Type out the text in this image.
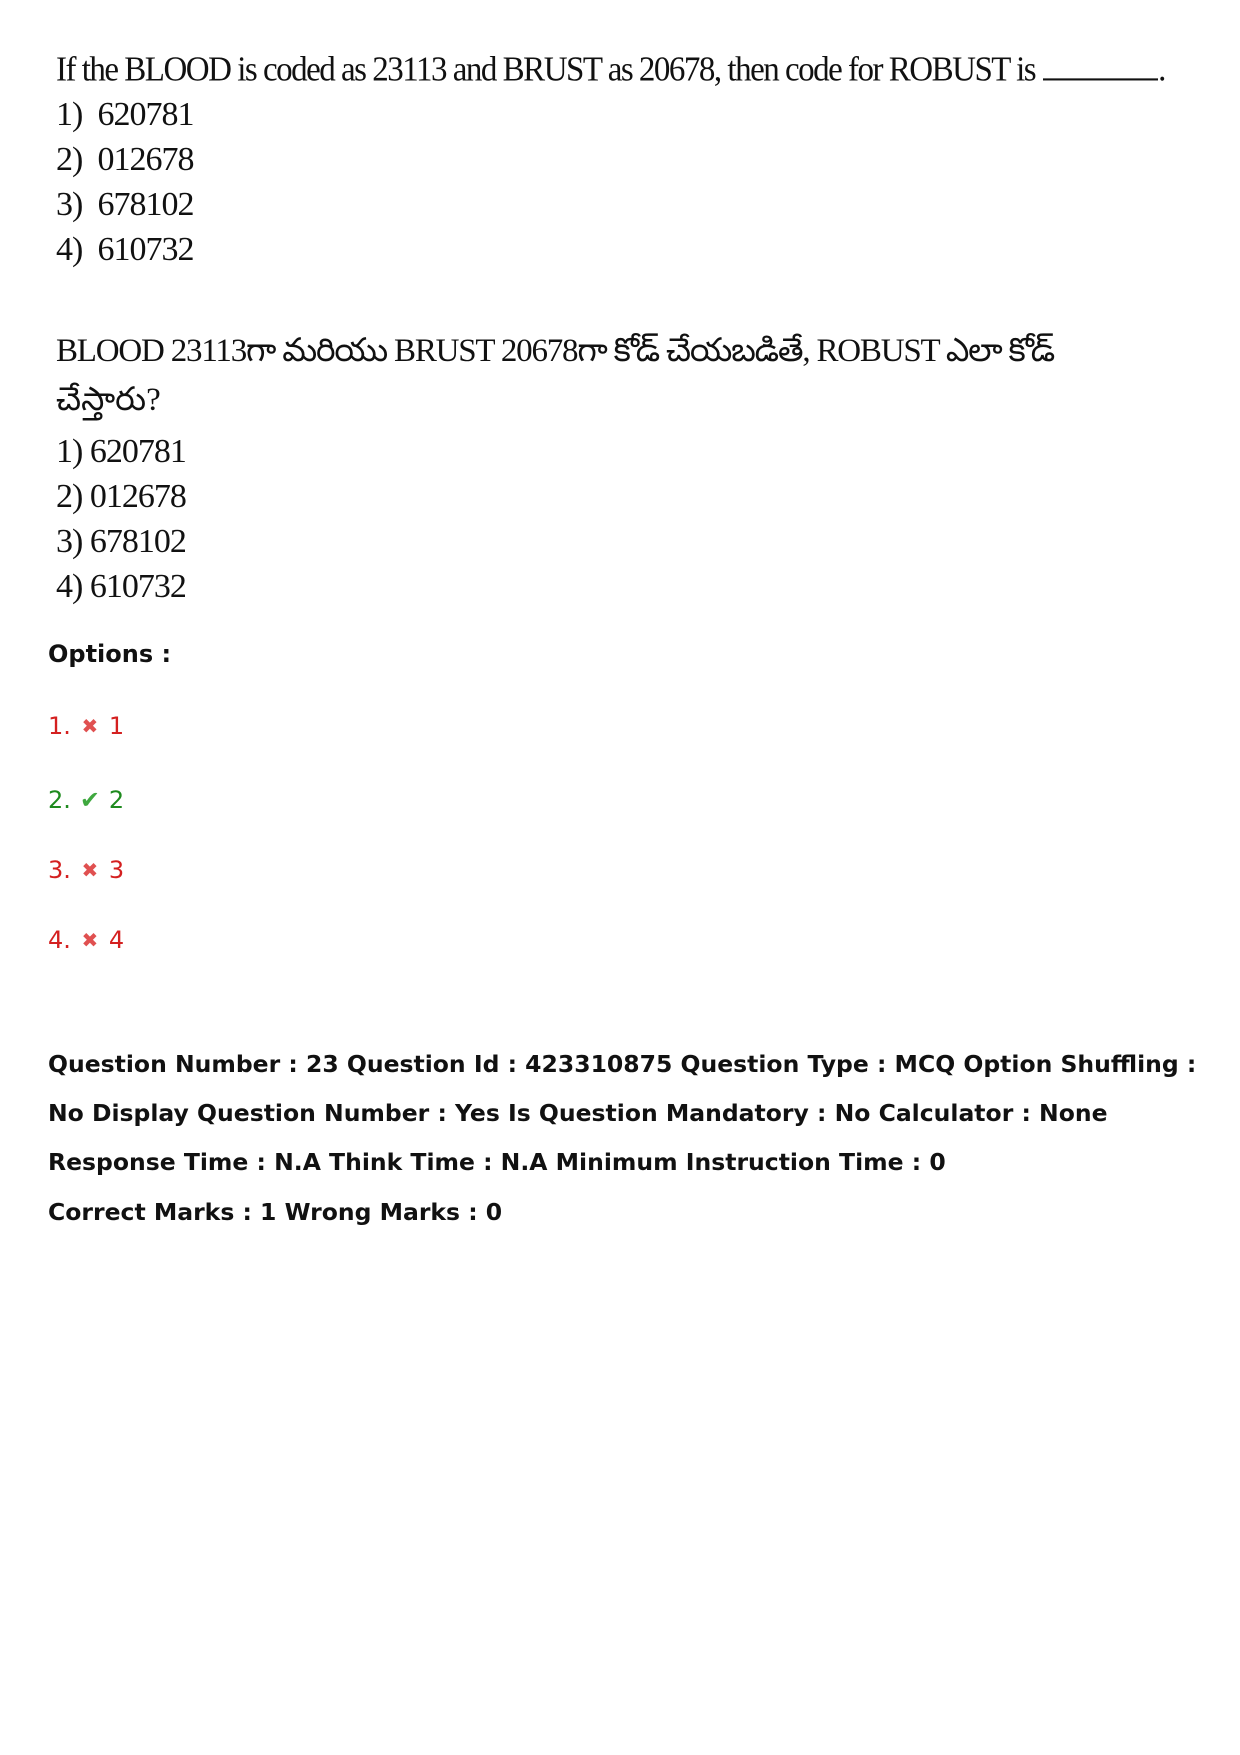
If the BLOOD is coded as 23113 and BRUST as 20678, then code for ROBUST is	.
1) 620781
2) 012678
3) 678102
4) 610732
BLOOD 23113గా మరియు BRUST 20678గా కోడ్ చేయబడితే, ROBUST ఎలా కోడ్
చేస్తారు?
1) 620781
2) 012678
3) 678102
4) 610732
Options :
1. ✖ 1
2. ✔ 2
3. ✖ 3
4. ✖ 4
Question Number : 23 Question Id : 423310875 Question Type : MCQ Option Shuffling : No Display Question Number : Yes Is Question Mandatory : No Calculator : None Response Time : N.A Think Time : N.A Minimum Instruction Time : 0
Correct Marks : 1 Wrong Marks : 0
